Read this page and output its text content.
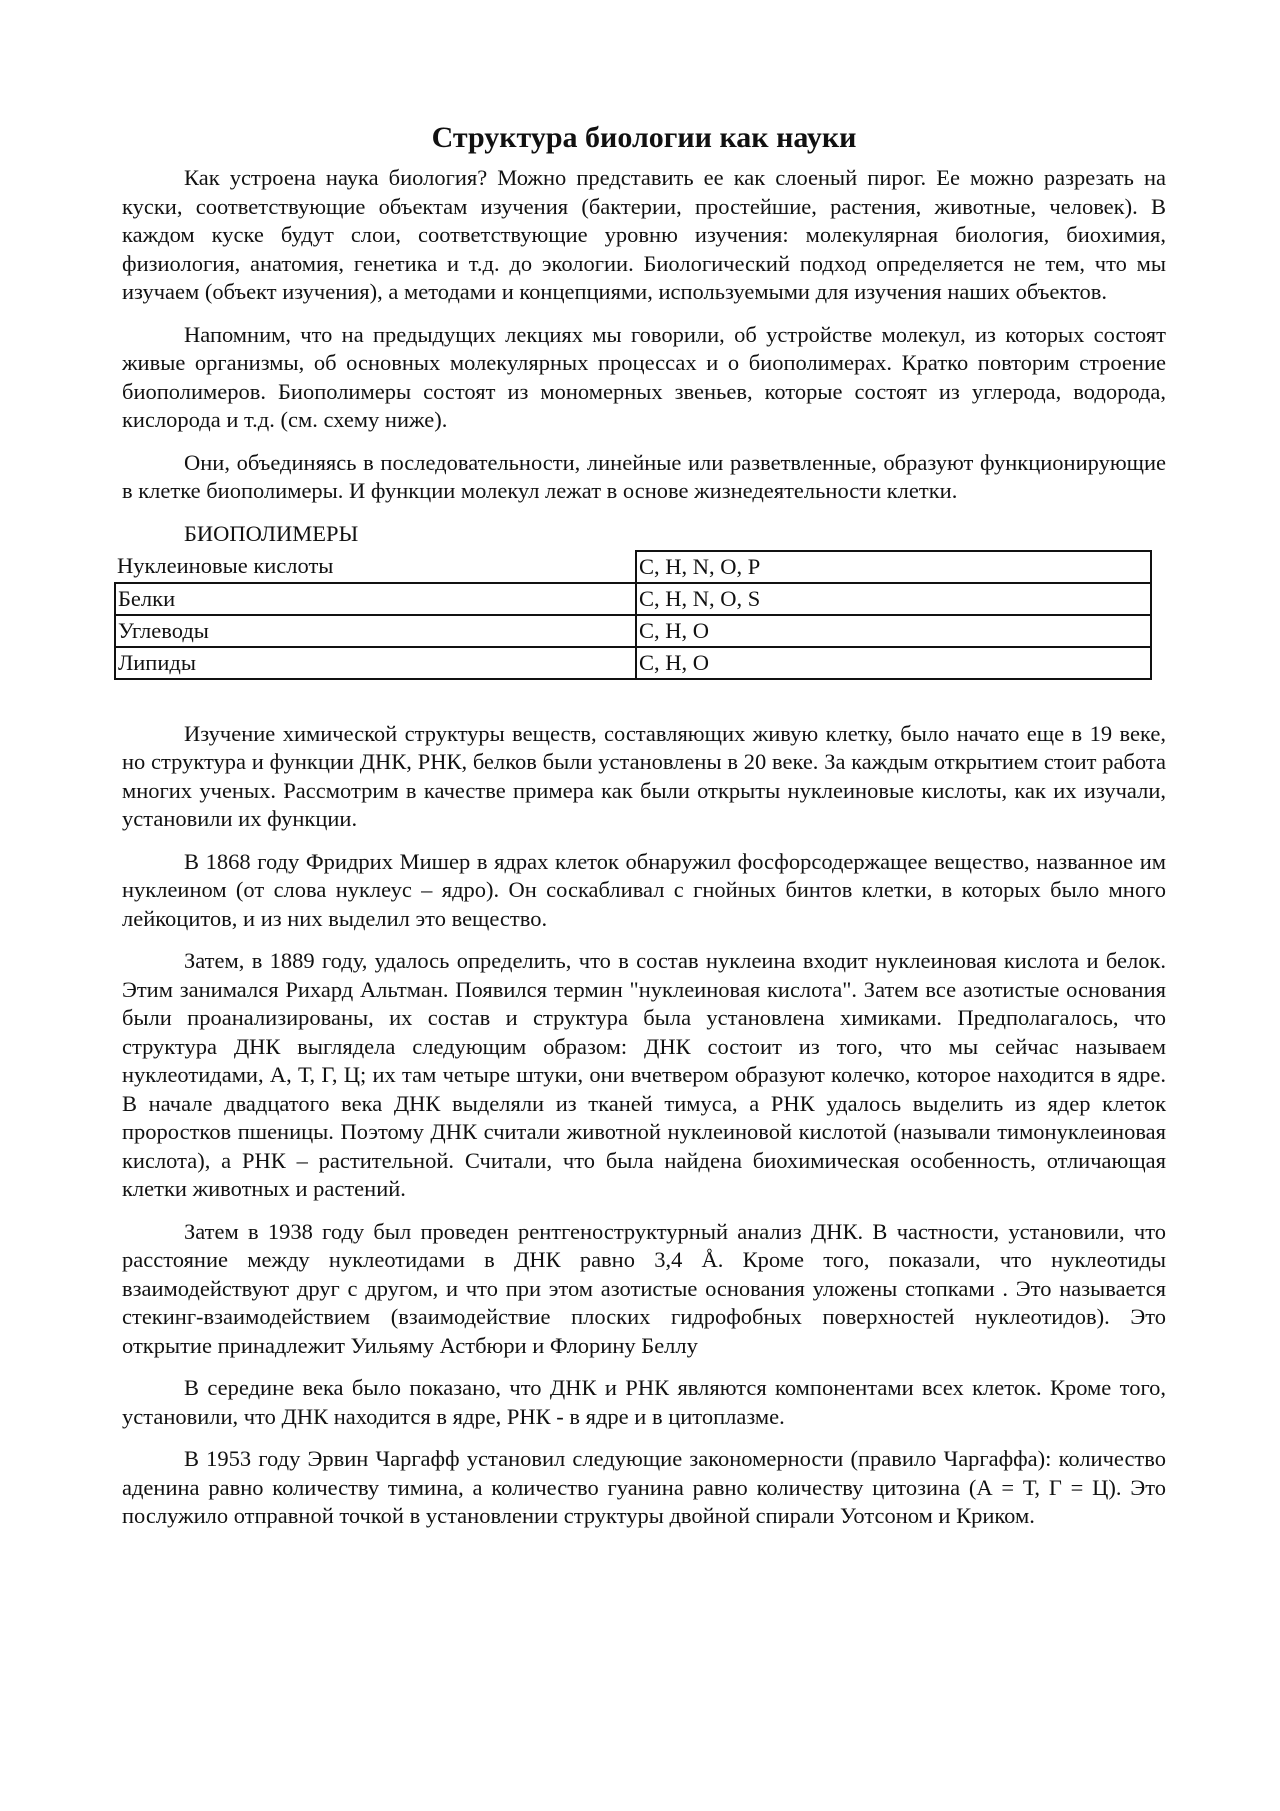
Структура биологии как науки

Как устроена наука биология? Можно представить ее как слоеный пирог. Ее можно разрезать на куски, соответствующие объектам изучения (бактерии, простейшие, растения, животные, человек). В каждом куске будут слои, соответствующие уровню изучения: молекулярная биология, биохимия, физиология, анатомия, генетика и т.д. до экологии. Биологический подход определяется не тем, что мы изучаем (объект изучения), а методами и концепциями, используемыми для изучения наших объектов.

Напомним, что на предыдущих лекциях мы говорили, об устройстве молекул, из которых состоят живые организмы, об основных молекулярных процессах и о биополимерах. Кратко повторим строение биополимеров. Биополимеры состоят из мономерных звеньев, которые состоят из углерода, водорода, кислорода и т.д. (см. схему ниже).

Они, объединяясь в последовательности, линейные или разветвленные, образуют функционирующие в клетке биополимеры. И функции молекул лежат в основе жизнедеятельности клетки.

БИОПОЛИМЕРЫ
Нуклеиновые кислоты	C, H, N, O, P
Белки	C, H, N, O, S
Углеводы	C, H, O
Липиды	C, H, O

Изучение химической структуры веществ, составляющих живую клетку, было начато еще в 19 веке, но структура и функции ДНК, РНК, белков были установлены в 20 веке. За каждым открытием стоит работа многих ученых. Рассмотрим в качестве примера как были открыты нуклеиновые кислоты, как их изучали, установили их функции.

В 1868 году Фридрих Мишер в ядрах клеток обнаружил фосфорсодержащее вещество, названное им нуклеином (от слова нуклеус – ядро). Он соскабливал с гнойных бинтов клетки, в которых было много лейкоцитов, и из них выделил это вещество.

Затем, в 1889 году, удалось определить, что в состав нуклеина входит нуклеиновая кислота и белок. Этим занимался Рихард Альтман. Появился термин "нуклеиновая кислота". Затем все азотистые основания были проанализированы, их состав и структура была установлена химиками. Предполагалось, что структура ДНК выглядела следующим образом: ДНК состоит из того, что мы сейчас называем нуклеотидами, А, Т, Г, Ц; их там четыре штуки, они вчетвером образуют колечко, которое находится в ядре. В начале двадцатого века ДНК выделяли из тканей тимуса, а РНК удалось выделить из ядер клеток проростков пшеницы. Поэтому ДНК считали животной нуклеиновой кислотой (называли тимонуклеиновая кислота), а РНК – растительной. Считали, что была найдена биохимическая особенность, отличающая клетки животных и растений.

Затем в 1938 году был проведен рентгеноструктурный анализ ДНК. В частности, установили, что расстояние между нуклеотидами в ДНК равно 3,4 Å. Кроме того, показали, что нуклеотиды взаимодействуют друг с другом, и что при этом азотистые основания уложены стопками . Это называется стекинг-взаимодействием (взаимодействие плоских гидрофобных поверхностей нуклеотидов). Это открытие принадлежит Уильяму Астбюри и Флорину Беллу

В середине века было показано, что ДНК и РНК являются компонентами всех клеток. Кроме того, установили, что ДНК находится в ядре, РНК - в ядре и в цитоплазме.

В 1953 году Эрвин Чаргафф установил следующие закономерности (правило Чаргаффа): количество аденина равно количеству тимина, а количество гуанина равно количеству цитозина (А = Т, Г = Ц). Это послужило отправной точкой в установлении структуры двойной спирали Уотсоном и Криком.
